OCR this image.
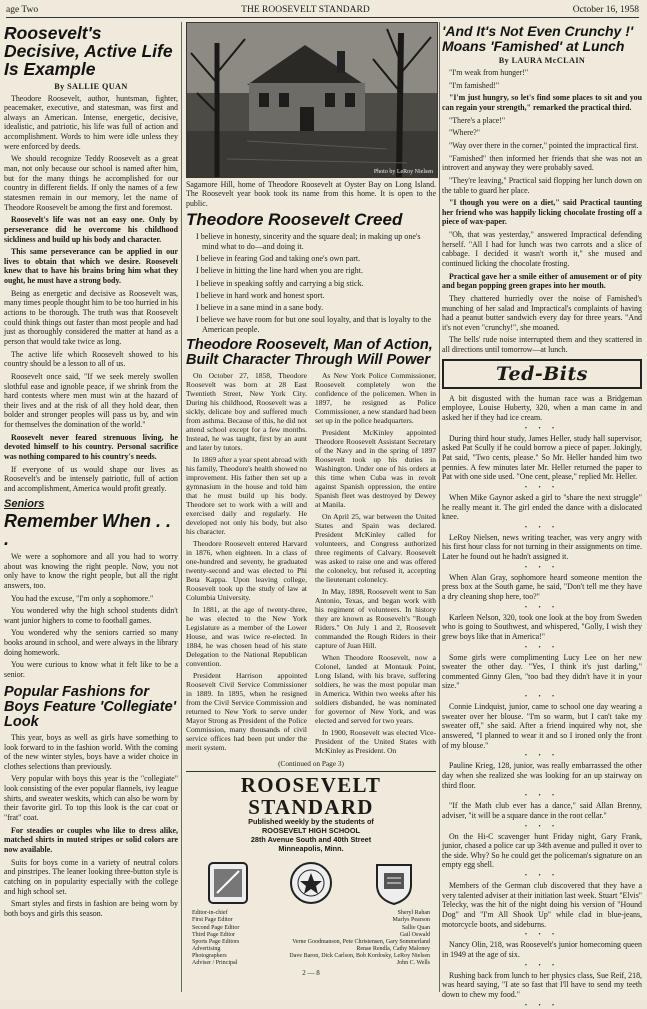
age Two	THE ROOSEVELT STANDARD	October 16, 1958
Roosevelt's Decisive, Active Life Is Example
By SALLIE QUAN

Theodore Roosevelt, author, huntsman, fighter, peacemaker, executive, and statesman, was first and always an American. Intense, energetic, decisive, idealistic, and patriotic, his life was full of action and accomplishment. Words to him were idle unless they were enforced by deeds.

We should recognize Teddy Roosevelt as a great man, not only because our school is named after him, but for the many things he accomplished for our country in different fields. If only the names of a few statesmen remain in our memory, let the name of Theodore Roosevelt be among the first and foremost.

Roosevelt's life was not an easy one. Only by perseverance did he overcome his childhood sickliness and build up his body and character.

This same perseverance can be applied in our lives to obtain that which we desire. Roosevelt knew that to have his brains bring him what they ought, he must have a strong body.

Being as energetic and decisive as Roosevelt was, many times people thought him to be too hurried in his actions to be thorough. The truth was that Roosevelt could think things out faster than most people and had just as thoroughly considered the matter at hand as a person that would take twice as long.

The active life which Roosevelt showed to his country should be a lesson to all of us.

Roosevelt once said, "If we seek merely swollen slothful ease and ignoble peace, if we shrink from the hard contests where men must win at the hazard of their lives and at the risk of all they hold dear, then bolder and stronger peoples will pass us by, and win for themselves the domination of the world."

Roosevelt never feared strenuous living, he devoted himself to his country. Personal sacrifice was nothing compared to his country's needs.

If everyone of us would shape our lives as Roosevelt's and be intensely patriotic, full of action and accomplishment, America would profit greatly.

Seniors
Remember When . . .

We were a sophomore and all you had to worry about was knowing the right people. Now, you not only have to know the right people, but all the right answers, too.

You had the excuse, "I'm only a sophomore."

You wondered why the high school students didn't want junior highers to come to football games.

You wondered why the seniors carried so many books around in school, and were always in the library doing homework.

You were curious to know what it felt like to be a senior.

Popular Fashions for Boys Feature 'Collegiate' Look

This year, boys as well as girls have something to look forward to in the fashion world. With the coming of the new winter styles, boys have a wider choice in clothes selections than previously.

Very popular with boys this year is the "collegiate" look consisting of the ever popular flannels, ivy league shirts, and sweater weskits, which can also be worn by their favorite girl. To top this look is the car coat or "frat" coat.

For steadies or couples who like to dress alike, matched shirts in muted stripes or solid colors are now available.

Suits for boys come in a variety of neutral colors and pinstripes. The leaner looking three-button style is catching on in popularity especially with the college and high school set.

Smart styles and firsts in fashion are being worn by both boys and girls this season.

Photo by LeRoy Nielsen
Sagamore Hill, home of Theodore Roosevelt at Oyster Bay on Long Island. The Roosevelt year book took its name from this home. It is open to the public.
Theodore Roosevelt Creed

I believe in honesty, sincerity and the square deal; in making up one's mind what to do—and doing it.

I believe in fearing God and taking one's own part.

I believe in hitting the line hard when you are right.

I believe in speaking softly and carrying a big stick.

I believe in hard work and honest sport.

I believe in a sane mind in a sane body.

I believe we have room for but one soul loyalty, and that is loyalty to the American people.

Theodore Roosevelt, Man of Action, Built Character Through Will Power

On October 27, 1858, Theodore Roosevelt was born at 28 East Twentieth Street, New York City. During his childhood, Roosevelt was a sickly, delicate boy and suffered much from asthma. Because of this, he did not attend school except for a few months. Instead, he was taught, first by an aunt and later by tutors.

In 1869 after a year spent abroad with his family, Theodore's health showed no improvement. His father then set up a gymnasium in the house and told him that he must build up his body. Theodore set to work with a will and exercised daily and regularly. He developed not only his body, but also his character.

Theodore Roosevelt entered Harvard in 1876, when eighteen. In a class of one-hundred and seventy, he graduated twenty-second and was elected to Phi Beta Kappa. Upon leaving college, Roosevelt took up the study of law at Columbia University.

In 1881, at the age of twenty-three, he was elected to the New York Legislature as a member of the Lower House, and was twice re-elected. In 1884, he was chosen head of his state Delegation to the National Republican convention.

President Harrison appointed Roosevelt Civil Service Commissioner in 1889. In 1895, when he resigned from the Civil Service Commission and returned to New York to serve under Mayor Strong as President of the Police Commission, many thousands of civil service offices had been put under the merit system.

As New York Police Commissioner, Roosevelt completely won the confidence of the policemen. When in 1897, he resigned as Police Commissioner, a new standard had been set up in the police headquarters.

President McKinley appointed Theodore Roosevelt Assistant Secretary of the Navy and in the spring of 1897 Roosevelt took up his duties in Washington. Under one of his orders at this time when Cuba was in revolt against Spanish oppression, the entire Spanish fleet was destroyed by Dewey at Manila.

On April 25, war between the United States and Spain was declared. President McKinley called for volunteers, and Congress authorized three regiments of Calvary. Roosevelt was asked to raise one and was offered the colonelcy, but refused it, accepting the lieutenant colonelcy.

In May, 1898, Roosevelt went to San Antonio, Texas, and began work with his regiment of volunteers. In history they are known as Roosevelt's "Rough Riders." On July 1 and 2, Roosevelt commanded the Rough Riders in their capture of Juan Hill.

When Theodore Roosevelt, now a Colonel, landed at Montauk Point, Long Island, with his brave, suffering soldiers, he was the most popular man in America. Within two weeks after his soldiers disbanded, he was nominated for governor of New York, and was elected and served for two years.

In 1900, Roosevelt was elected Vice-President of the United States with McKinley as President. On

(Continued on Page 3)
ROOSEVELT STANDARD
Published weekly by the students of
ROOSEVELT HIGH SCHOOL
28th Avenue South and 40th Street
Minneapolis, Minn.
Editor-in-chief	Sheryl Rahan
First Page Editor	Marlys Pearson
Second Page Editor	Sallie Quan
Third Page Editor	Gail Oswald
Sports Page Editors	Verne Goodmanson, Pete Christensen, Gary Sommerland
Advertising	Renae Rendla, Cathy Maloney
Photographers	Dave Baron, Dick Carlson, Bob Kordosky, LeRoy Nielsen
Adviser / Principal	John C. Wells
2 — 8
'And It's Not Even Crunchy !' Moans 'Famished' at Lunch
By LAURA McCLAIN

"I'm weak from hunger!"

"I'm famished!"

"I'm just hungry, so let's find some places to sit and you can regain your strength," remarked the practical third.

"There's a place!"

"Where?"

"Way over there in the corner," pointed the impractical first.

"Famished" then informed her friends that she was not an introvert and anyway they were probably saved.

"They're leaving," Practical said flopping her lunch down on the table to guard her place.

"I though you were on a diet," said Practical taunting her friend who was happily licking chocolate frosting off a piece of wax-paper.

"Oh, that was yesterday," answered Impractical defending herself. "All I had for lunch was two carrots and a slice of cabbage. I decided it wasn't worth it," she mused and continued licking the chocolate frosting.

Practical gave her a smile either of amusement or of pity and began popping green grapes into her mouth.

They chattered hurriedly over the noise of Famished's munching of her salad and Impractical's complaints of having had a peanut butter sandwich every day for three years. "And it's not even "crunchy!", she moaned.

The bells' rude noise interrupted them and they scattered in all directions until tomorrow—at lunch.

Ted-Bits

A bit disgusted with the human race was a Bridgeman employee, Louise Huberty, 320, when a man came in and asked her if they had ice cream.

• • •

During third hour study, James Heller, study hall supervisor, asked Pat Scully if he could borrow a piece of paper. Jokingly, Pat said, "Two cents, please." So Mr. Heller handed him two pennies. A few minutes later Mr. Heller returned the paper to Pat with one side used. "One cent, please," replied Mr. Heller.

• • •

When Mike Gaynor asked a girl to "share the next struggle" he really meant it. The girl ended the dance with a dislocated knee.

• • •

LeRoy Nielsen, news writing teacher, was very angry with his first hour class for not turning in their assignments on time. Later he found out he hadn't assigned it.

• • •

When Alan Gray, sophomore heard someone mention the press box at the South game, he said, "Don't tell me they have a dry cleaning shop here, too?"

• • •

Karleen Nelson, 320, took one look at the boy from Sweden who is going to Southwest, and whispered, "Golly, I wish they grew boys like that in America!"

• • •

Some girls were complimenting Lucy Lee on her new sweater the other day. "Yes, I think it's just darling," commented Ginny Glen, "too bad they didn't have it in your size."

• • •

Connie Lindquist, junior, came to school one day wearing a sweater over her blouse. "I'm so warm, but I can't take my sweater off," she said. After a friend inquired why not, she answered, "I planned to wear it and so I ironed only the front of my blouse."

• • •

Pauline Krieg, 128, junior, was really embarrassed the other day when she realized she was looking for an up stairway on third floor.

• • •

"If the Math club ever has a dance," said Allan Brenny, adviser, "it will be a square dance in the root cellar."

• • •

On the Hi-C scavenger hunt Friday night, Gary Frank, junior, chased a police car up 34th avenue and pulled it over to the side. Why? So he could get the policeman's signature on an empty egg shell.

• • •

Members of the German club discovered that they have a very talented adviser at their initiation last week. Stuart "Elvis" Telecky, was the hit of the night doing his version of "Hound Dog" and "I'm All Shook Up" while clad in blue-jeans, motorcycle boots, and sideburns.

• • •

Nancy Olin, 218, was Roosevelt's junior homecoming queen in 1949 at the age of six.

• • •

Rushing back from lunch to her physics class, Sue Reif, 218, was heard saying, "I ate so fast that I'll have to send my teeth down to chew my food."

• • •
